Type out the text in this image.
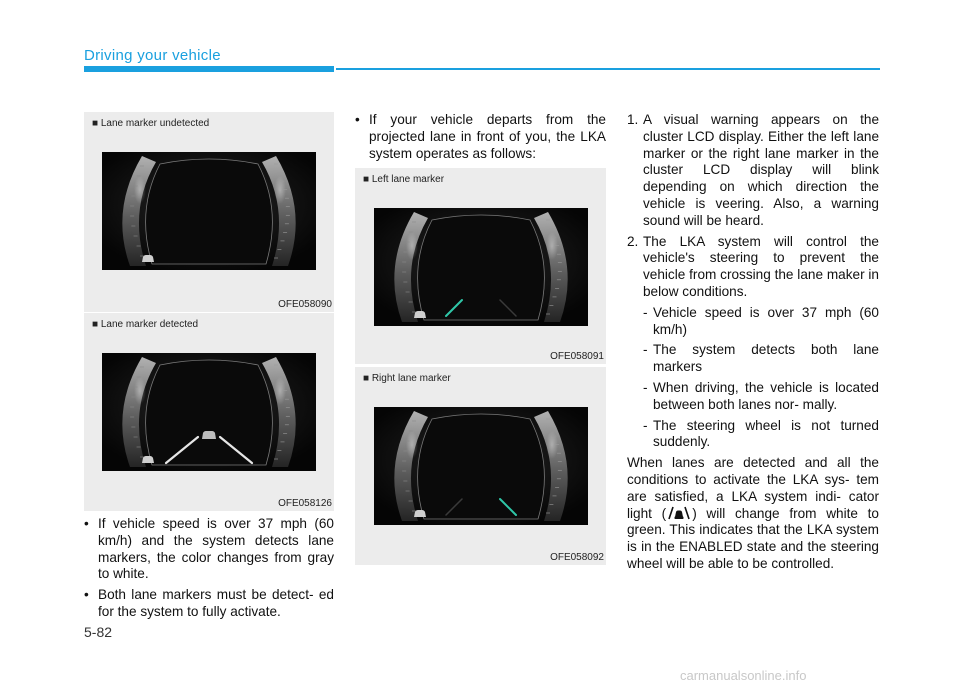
Driving your vehicle
■ Lane marker undetected
OFE058090
■ Lane marker detected
OFE058126
■ Left lane marker
OFE058091
■ Right lane marker
OFE058092
• If vehicle speed is over 37 mph (60 km/h) and the system detects lane markers, the color changes from gray to white.
• Both lane markers must be detect- ed for the system to fully activate.
• If your vehicle departs from the projected lane in front of you, the LKA system operates as follows:
1. A visual warning appears on the cluster LCD display. Either the left lane marker or the right lane marker in the cluster LCD display will blink depending on which direction the vehicle is veering. Also, a warning sound will be heard.
2. The LKA system will control the vehicle's steering to prevent the vehicle from crossing the lane maker in below conditions.
- Vehicle speed is over 37 mph (60 km/h)
- The system detects both lane markers
- When driving, the vehicle is located between both lanes nor- mally.
- The steering wheel is not turned suddenly.

When lanes are detected and all the conditions to activate the LKA sys- tem are satisfied, a LKA system indi- cator light ( ) will change from white to green. This indicates that the LKA system is in the ENABLED state and the steering wheel will be able to be controlled.

5-82
carmanualsonline.info
